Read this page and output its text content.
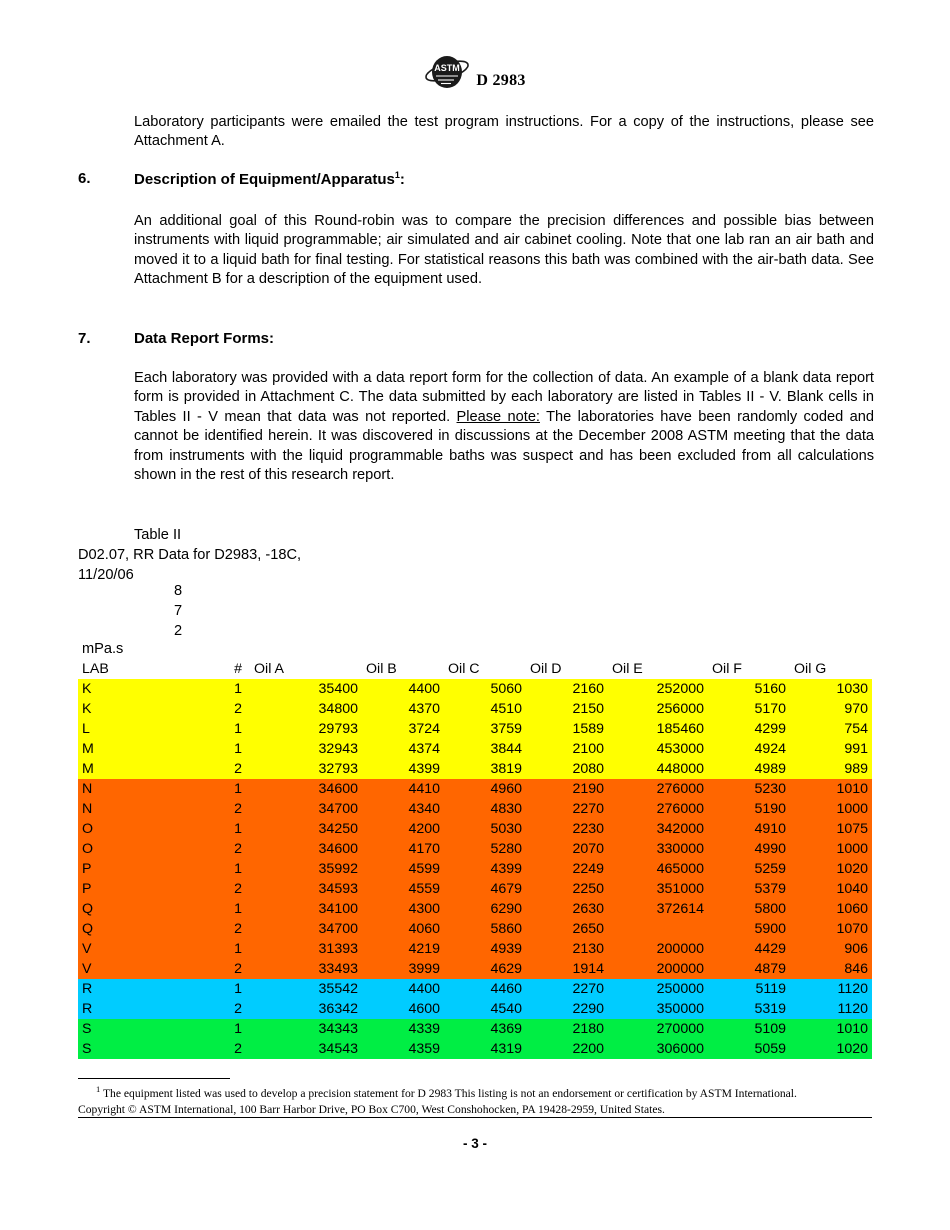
ASTM
D 2983

Laboratory participants were emailed the test program instructions. For a copy of the instructions, please see Attachment A.

6.	Description of Equipment/Apparatus$^1$:

An additional goal of this Round-robin was to compare the precision differences and possible bias between instruments with liquid programmable; air simulated and air cabinet cooling. Note that one lab ran an air bath and moved it to a liquid bath for final testing. For statistical reasons this bath was combined with the air-bath data. See Attachment B for a description of the equipment used.

7.	Data Report Forms:

Each laboratory was provided with a data report form for the collection of data. An example of a blank data report form is provided in Attachment C. The data submitted by each laboratory are listed in Tables II - V. Blank cells in Tables II - V mean that data was not reported. Please note: The laboratories have been randomly coded and cannot be identified herein. It was discovered in discussions at the December 2008 ASTM meeting that the data from instruments with the liquid programmable baths was suspect and has been excluded from all calculations shown in the rest of this research report.

Table II
D02.07, RR Data for D2983, -18C,
11/20/06
8
7
2
mPa.s
LAB	#	Oil A	Oil B	Oil C	Oil D	Oil E	Oil F	Oil G
K	1	35400	4400	5060	2160	252000	5160	1030
K	2	34800	4370	4510	2150	256000	5170	970
L	1	29793	3724	3759	1589	185460	4299	754
M	1	32943	4374	3844	2100	453000	4924	991
M	2	32793	4399	3819	2080	448000	4989	989
N	1	34600	4410	4960	2190	276000	5230	1010
N	2	34700	4340	4830	2270	276000	5190	1000
O	1	34250	4200	5030	2230	342000	4910	1075
O	2	34600	4170	5280	2070	330000	4990	1000
P	1	35992	4599	4399	2249	465000	5259	1020
P	2	34593	4559	4679	2250	351000	5379	1040
Q	1	34100	4300	6290	2630	372614	5800	1060
Q	2	34700	4060	5860	2650		5900	1070
V	1	31393	4219	4939	2130	200000	4429	906
V	2	33493	3999	4629	1914	200000	4879	846
R	1	35542	4400	4460	2270	250000	5119	1120
R	2	36342	4600	4540	2290	350000	5319	1120
S	1	34343	4339	4369	2180	270000	5109	1010
S	2	34543	4359	4319	2200	306000	5059	1020
$^1$ The equipment listed was used to develop a precision statement for D 2983 This listing is not an endorsement or certification by ASTM International.
Copyright © ASTM International, 100 Barr Harbor Drive, PO Box C700, West Conshohocken, PA 19428-2959, United States.
- 3 -
